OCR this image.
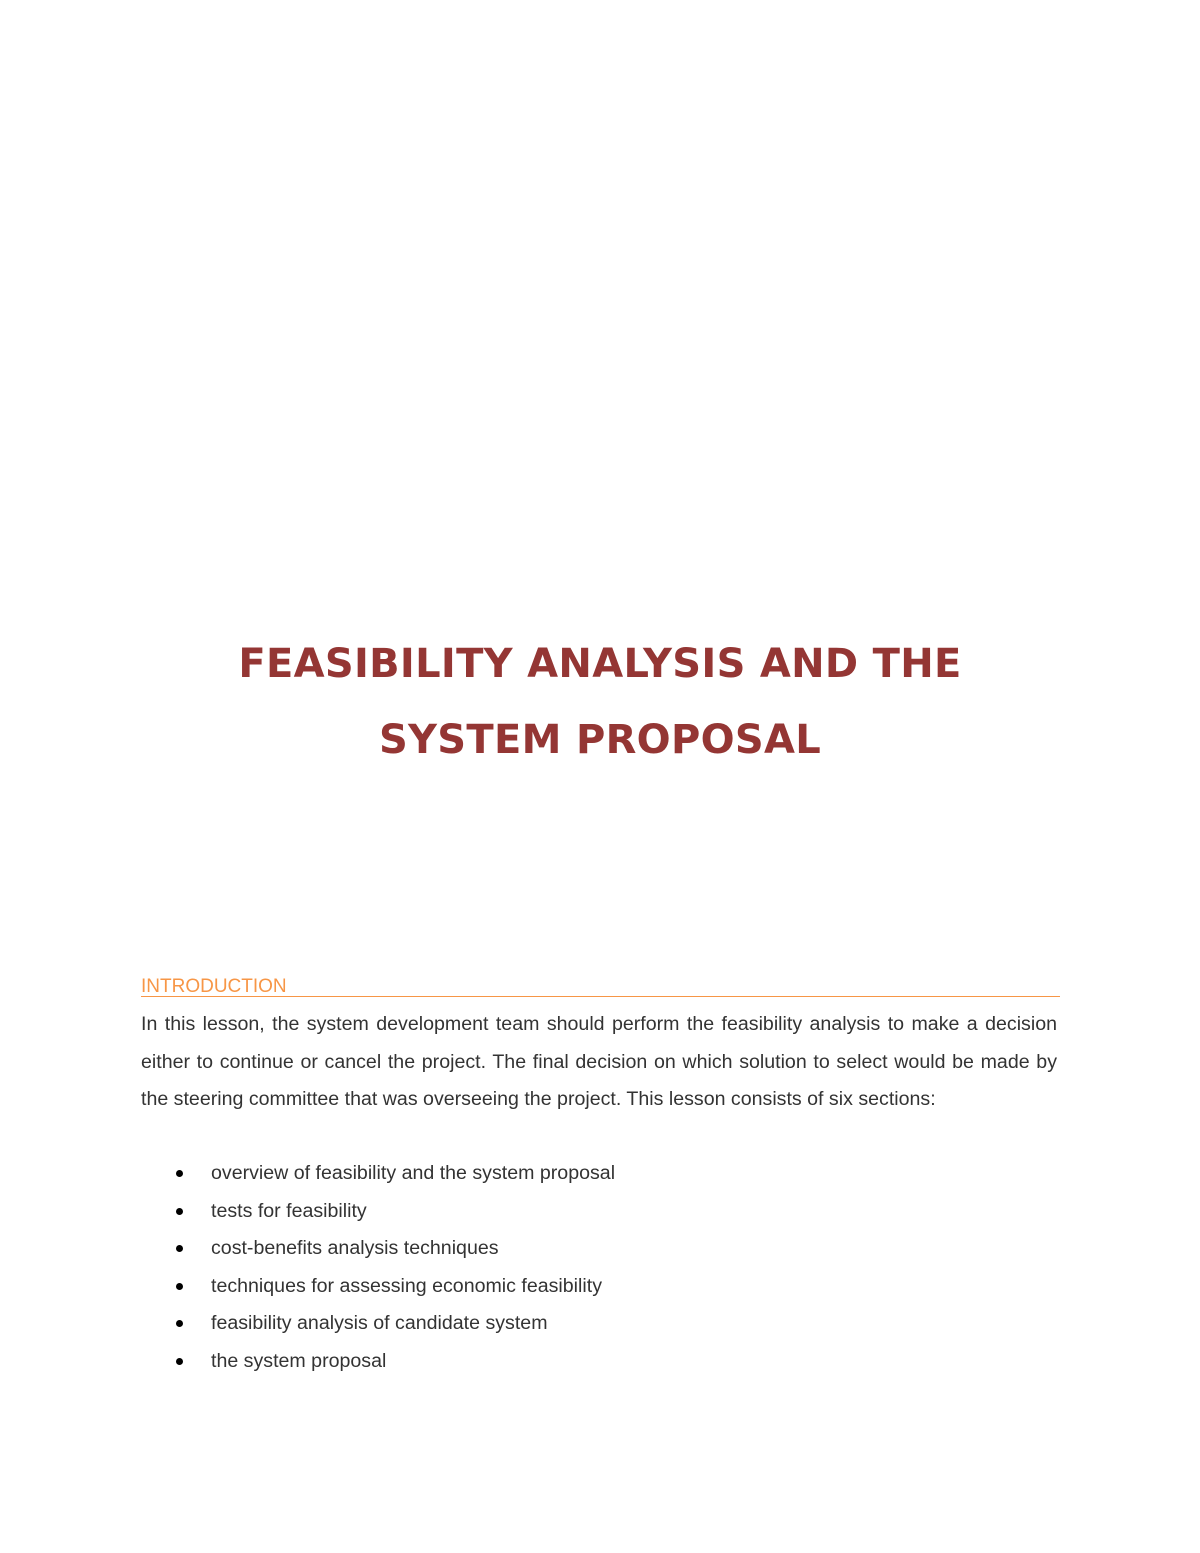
FEASIBILITY ANALYSIS AND THE
SYSTEM PROPOSAL
INTRODUCTION

In this lesson, the system development team should perform the feasibility analysis to make a decision either to continue or cancel the project. The final decision on which solution to select would be made by the steering committee that was overseeing the project. This lesson consists of six sections:

overview of feasibility and the system proposal
tests for feasibility
cost-benefits analysis techniques
techniques for assessing economic feasibility
feasibility analysis of candidate system
the system proposal
